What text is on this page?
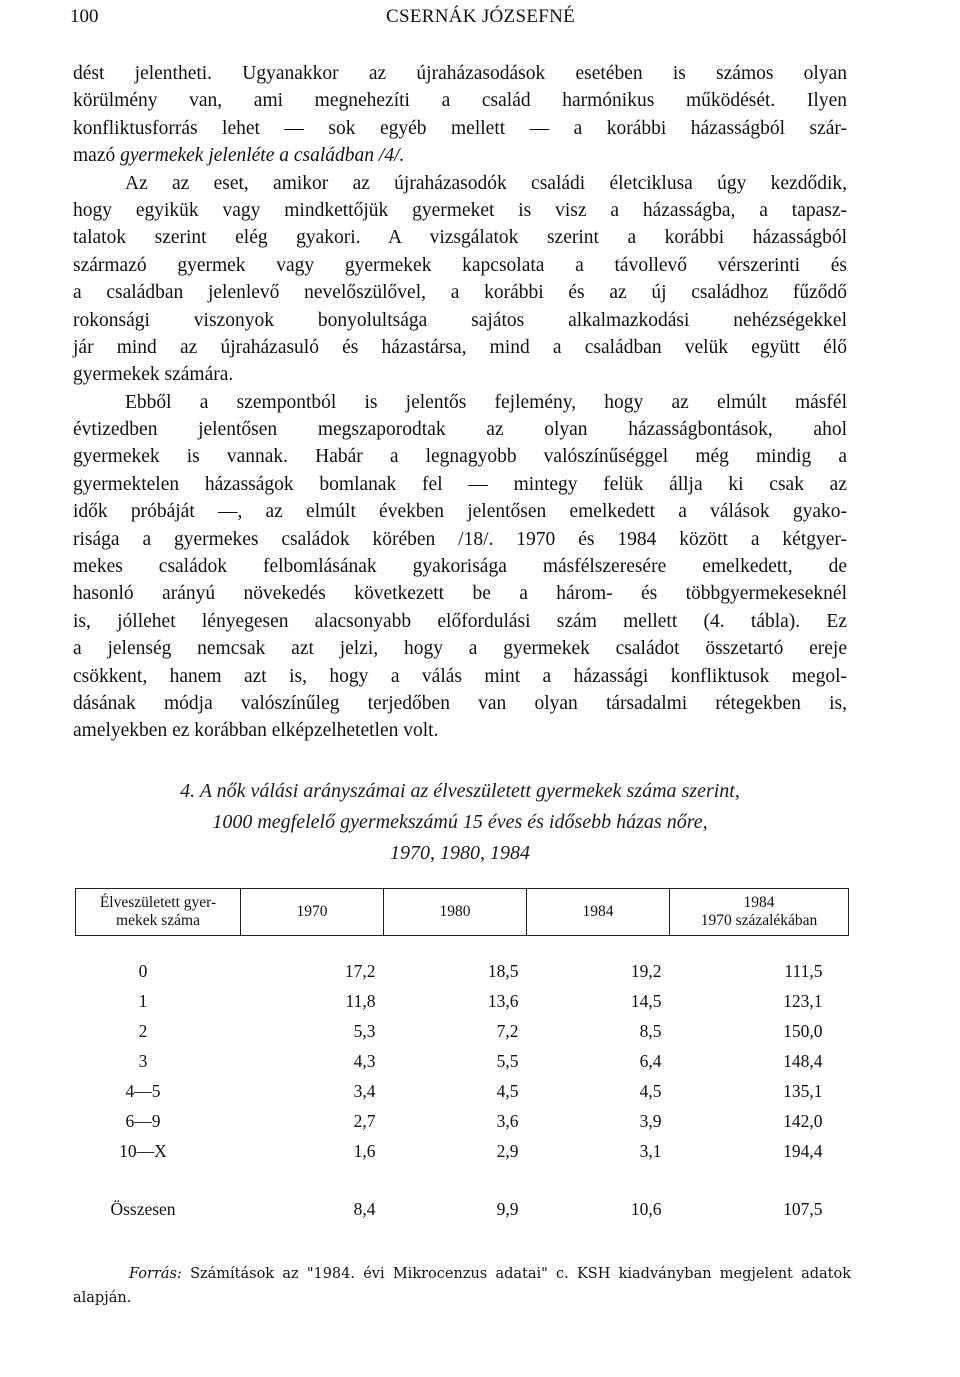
100	CSERNÁK JÓZSEFNÉ
dést jelentheti. Ugyanakkor az újraházasodások esetében is számos olyan
körülmény van, ami megnehezíti a család harmónikus működését. Ilyen
konfliktusforrás lehet — sok egyéb mellett — a korábbi házasságból szár-
mazó gyermekek jelenléte a családban /4/.
Az az eset, amikor az újraházasodók családi életciklusa úgy kezdődik,
hogy egyikük vagy mindkettőjük gyermeket is visz a házasságba, a tapasz-
talatok szerint elég gyakori. A vizsgálatok szerint a korábbi házasságból
származó gyermek vagy gyermekek kapcsolata a távollevő vérszerinti és
a családban jelenlevő nevelőszülővel, a korábbi és az új családhoz fűződő
rokonsági viszonyok bonyolultsága sajátos alkalmazkodási nehézségekkel
jár mind az újraházasuló és házastársa, mind a családban velük együtt élő
gyermekek számára.
Ebből a szempontból is jelentős fejlemény, hogy az elmúlt másfél
évtizedben jelentősen megszaporodtak az olyan házasságbontások, ahol
gyermekek is vannak. Habár a legnagyobb valószínűséggel még mindig a
gyermektelen házasságok bomlanak fel — mintegy felük állja ki csak az
idők próbáját —, az elmúlt években jelentősen emelkedett a válások gyako-
risága a gyermekes családok körében /18/. 1970 és 1984 között a kétgyer-
mekes családok felbomlásának gyakorisága másfélszeresére emelkedett, de
hasonló arányú növekedés következett be a három- és többgyermekeseknél
is, jóllehet lényegesen alacsonyabb előfordulási szám mellett (4. tábla). Ez
a jelenség nemcsak azt jelzi, hogy a gyermekek családot összetartó ereje
csökkent, hanem azt is, hogy a válás mint a házassági konfliktusok megol-
dásának módja valószínűleg terjedőben van olyan társadalmi rétegekben is,
amelyekben ez korábban elképzelhetetlen volt.
4. A nők válási arányszámai az élveszületett gyermekek száma szerint,
1000 megfelelő gyermekszámú 15 éves és idősebb házas nőre,
1970, 1980, 1984
Élveszületett gyer- mekek száma	1970	1980	1984	1984
1970 százalékában

0	17,2	18,5	19,2	111,5
1	11,8	13,6	14,5	123,1
2	5,3	7,2	8,5	150,0
3	4,3	5,5	6,4	148,4
4—5	3,4	4,5	4,5	135,1
6—9	2,7	3,6	3,9	142,0
10—X	1,6	2,9	3,1	194,4

Összesen	8,4	9,9	10,6	107,5
Forrás: Számítások az "1984. évi Mikrocenzus adatai" c. KSH kiadványban megjelent adatok
alapján.
